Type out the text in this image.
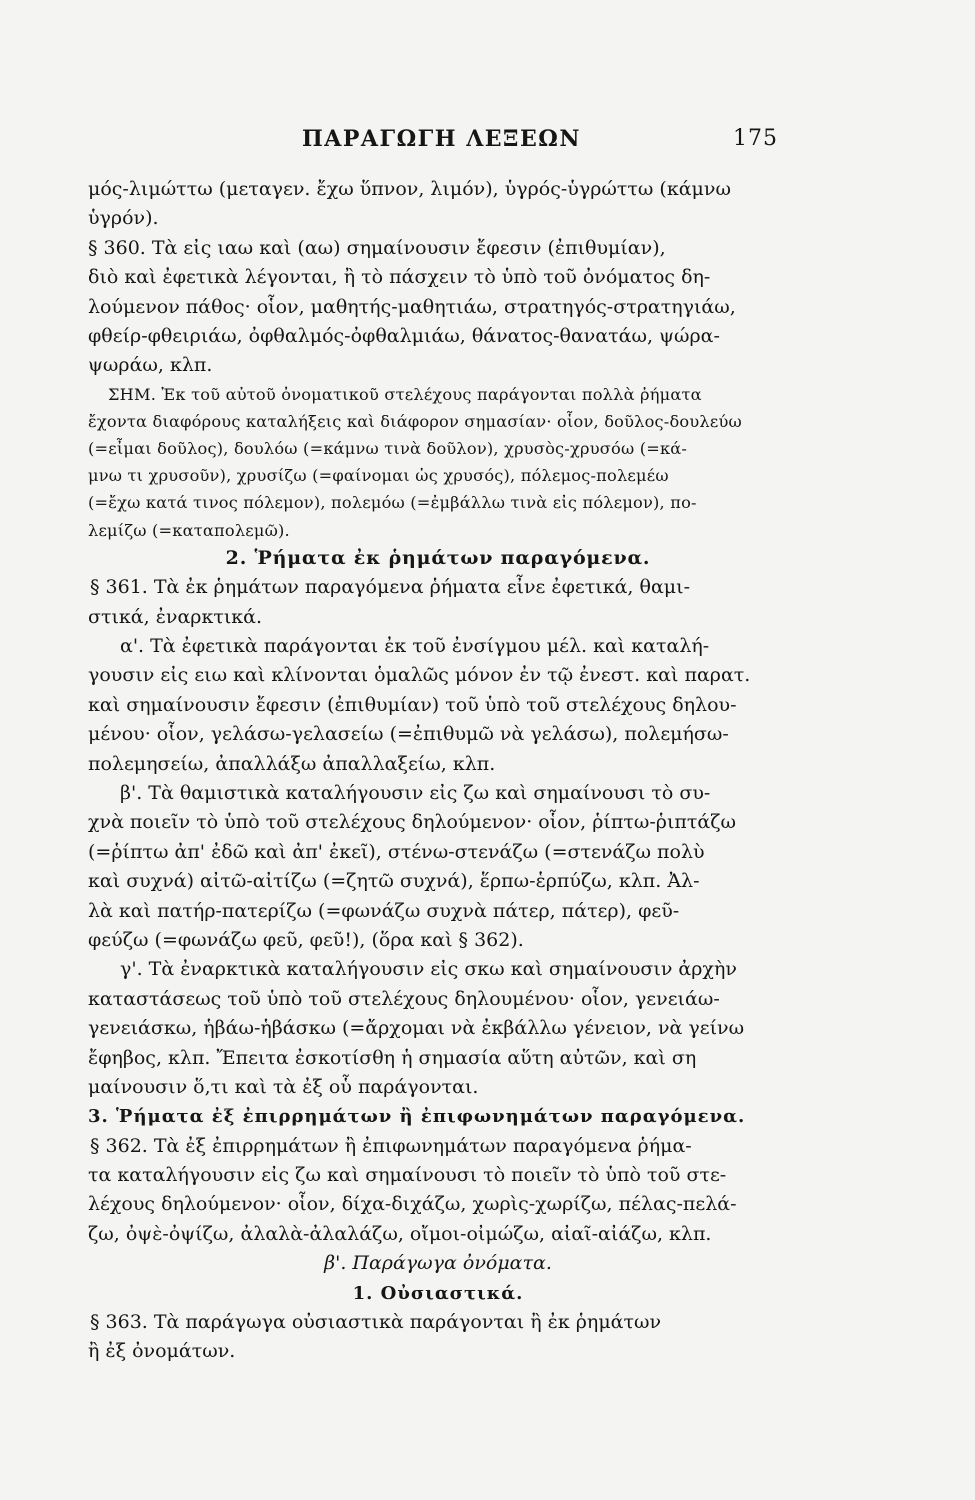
ΠΑΡΑΓΩΓΗ ΛΕΞΕΩΝ	175
μός-λιμώττω (μεταγεν. ἔχω ὕπνον, λιμόν), ὑγρός-ὑγρώττω (κάμνω
ὑγρόν).
§ 360. Τὰ εἰς ιαω καὶ (αω) σημαίνουσιν ἔφεσιν (ἐπιθυμίαν),
διὸ καὶ ἐφετικὰ λέγονται, ἢ τὸ πάσχειν τὸ ὑπὸ τοῦ ὀνόματος δη-
λούμενον πάθος· οἷον, μαθητής-μαθητιάω, στρατηγός-στρατηγιάω,
φθείρ-φθειριάω, ὀφθαλμός-ὀφθαλμιάω, θάνατος-θανατάω, ψώρα-
ψωράω, κλπ.
ΣΗΜ. Ἐκ τοῦ αὐτοῦ ὀνοματικοῦ στελέχους παράγονται πολλὰ ῥήματα
ἔχοντα διαφόρους καταλήξεις καὶ διάφορον σημασίαν· οἷον, δοῦλος-δουλεύω
(=εἶμαι δοῦλος), δουλόω (=κάμνω τινὰ δοῦλον), χρυσὸς-χρυσόω (=κά-
μνω τι χρυσοῦν), χρυσίζω (=φαίνομαι ὡς χρυσός), πόλεμος-πολεμέω
(=ἔχω κατά τινος πόλεμον), πολεμόω (=ἐμβάλλω τινὰ εἰς πόλεμον), πο-
λεμίζω (=καταπολεμῶ).
2. Ῥήματα ἐκ ῥημάτων παραγόμενα.
§ 361. Τὰ ἐκ ῥημάτων παραγόμενα ῥήματα εἶνε ἐφετικά, θαμι-
στικά, ἐναρκτικά.
α'. Τὰ ἐφετικὰ παράγονται ἐκ τοῦ ἐνσίγμου μέλ. καὶ καταλή-
γουσιν εἰς ειω καὶ κλίνονται ὁμαλῶς μόνον ἐν τῷ ἐνεστ. καὶ παρατ.
καὶ σημαίνουσιν ἔφεσιν (ἐπιθυμίαν) τοῦ ὑπὸ τοῦ στελέχους δηλου-
μένου· οἷον, γελάσω-γελασείω (=ἐπιθυμῶ νὰ γελάσω), πολεμήσω-
πολεμησείω, ἀπαλλάξω ἀπαλλαξείω, κλπ.
β'. Τὰ θαμιστικὰ καταλήγουσιν εἰς ζω καὶ σημαίνουσι τὸ συ-
χνὰ ποιεῖν τὸ ὑπὸ τοῦ στελέχους δηλούμενον· οἷον, ῥίπτω-ῥιπτάζω
(=ῥίπτω ἀπ' ἐδῶ καὶ ἀπ' ἐκεῖ), στένω-στενάζω (=στενάζω πολὺ
καὶ συχνά) αἰτῶ-αἰτίζω (=ζητῶ συχνά), ἕρπω-ἑρπύζω, κλπ. Ἀλ-
λὰ καὶ πατήρ-πατερίζω (=φωνάζω συχνὰ πάτερ, πάτερ), φεῦ-
φεύζω (=φωνάζω φεῦ, φεῦ!), (ὅρα καὶ § 362).
γ'. Τὰ ἐναρκτικὰ καταλήγουσιν εἰς σκω καὶ σημαίνουσιν ἀρχὴν
καταστάσεως τοῦ ὑπὸ τοῦ στελέχους δηλουμένου· οἷον, γενειάω-
γενειάσκω, ἡβάω-ἡβάσκω (=ἄρχομαι νὰ ἐκβάλλω γένειον, νὰ γείνω
ἔφηβος, κλπ. Ἔπειτα ἐσκοτίσθη ἡ σημασία αὕτη αὐτῶν, καὶ ση
μαίνουσιν ὅ,τι καὶ τὰ ἐξ οὗ παράγονται.
3. Ῥήματα ἐξ ἐπιρρημάτων ἢ ἐπιφωνημάτων παραγόμενα.
§ 362. Τὰ ἐξ ἐπιρρημάτων ἢ ἐπιφωνημάτων παραγόμενα ῥήμα-
τα καταλήγουσιν εἰς ζω καὶ σημαίνουσι τὸ ποιεῖν τὸ ὑπὸ τοῦ στε-
λέχους δηλούμενον· οἷον, δίχα-διχάζω, χωρὶς-χωρίζω, πέλας-πελά-
ζω, ὀψὲ-ὀψίζω, ἀλαλὰ-ἀλαλάζω, οἴμοι-οἰμώζω, αἰαῖ-αἰάζω, κλπ.
β'. Παράγωγα ὀνόματα.
1. Οὐσιαστικά.
§ 363. Τὰ παράγωγα οὐσιαστικὰ παράγονται ἢ ἐκ ῥημάτων
ἢ ἐξ ὀνομάτων.
